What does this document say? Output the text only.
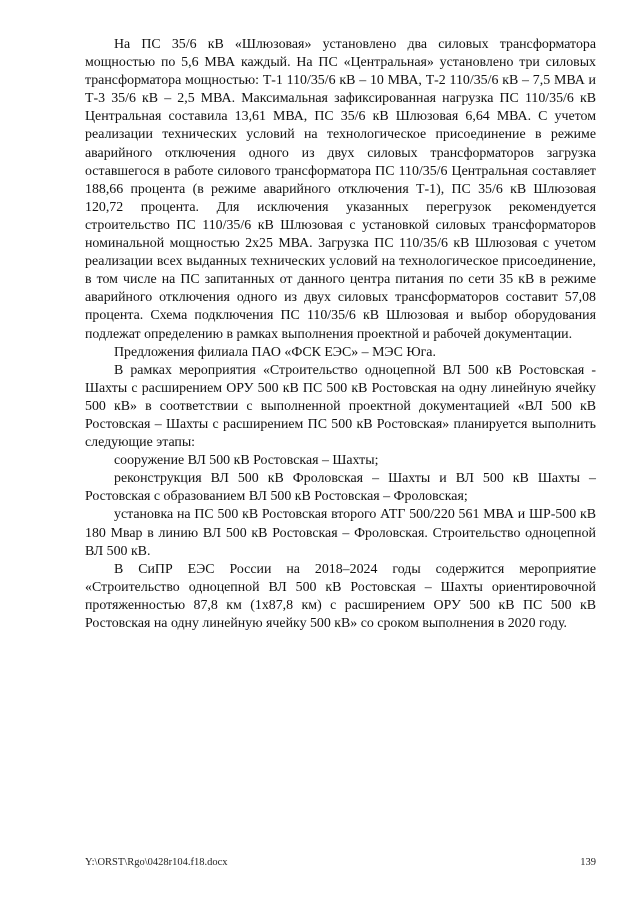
На ПС 35/6 кВ «Шлюзовая» установлено два силовых трансформатора мощностью по 5,6 МВА каждый. На ПС «Центральная» установлено три силовых трансформатора мощностью: Т-1 110/35/6 кВ – 10 МВА, Т-2 110/35/6 кВ – 7,5 МВА и Т-3 35/6 кВ – 2,5 МВА. Максимальная зафиксированная нагрузка ПС 110/35/6 кВ Центральная составила 13,61 МВА, ПС 35/6 кВ Шлюзовая 6,64 МВА. С учетом реализации технических условий на технологическое присоединение в режиме аварийного отключения одного из двух силовых трансформаторов загрузка оставшегося в работе силового трансформатора ПС 110/35/6 Центральная составляет 188,66 процента (в режиме аварийного отключения Т-1), ПС 35/6 кВ Шлюзовая 120,72 процента. Для исключения указанных перегрузок рекомендуется строительство ПС 110/35/6 кВ Шлюзовая с установкой силовых трансформаторов номинальной мощностью 2x25 МВА. Загрузка ПС 110/35/6 кВ Шлюзовая с учетом реализации всех выданных технических условий на технологическое присоединение, в том числе на ПС запитанных от данного центра питания по сети 35 кВ в режиме аварийного отключения одного из двух силовых трансформаторов составит 57,08 процента. Схема подключения ПС 110/35/6 кВ Шлюзовая и выбор оборудования подлежат определению в рамках выполнения проектной и рабочей документации.

Предложения филиала ПАО «ФСК ЕЭС» – МЭС Юга.

В рамках мероприятия «Строительство одноцепной ВЛ 500 кВ Ростовская - Шахты с расширением ОРУ 500 кВ ПС 500 кВ Ростовская на одну линейную ячейку 500 кВ» в соответствии с выполненной проектной документацией «ВЛ 500 кВ Ростовская – Шахты с расширением ПС 500 кВ Ростовская» планируется выполнить следующие этапы:

сооружение ВЛ 500 кВ Ростовская – Шахты;

реконструкция ВЛ 500 кВ Фроловская – Шахты и ВЛ 500 кВ Шахты – Ростовская с образованием ВЛ 500 кВ Ростовская – Фроловская;

установка на ПС 500 кВ Ростовская второго АТГ 500/220 561 МВА и ШР-500 кВ 180 Мвар в линию ВЛ 500 кВ Ростовская – Фроловская. Строительство одноцепной ВЛ 500 кВ.

В СиПР ЕЭС России на 2018–2024 годы содержится мероприятие «Строительство одноцепной ВЛ 500 кВ Ростовская – Шахты ориентировочной протяженностью 87,8 км (1x87,8 км) с расширением ОРУ 500 кВ ПС 500 кВ Ростовская на одну линейную ячейку 500 кВ» со сроком выполнения в 2020 году.

Y:\ORST\Rgo\0428r104.f18.docx	139
